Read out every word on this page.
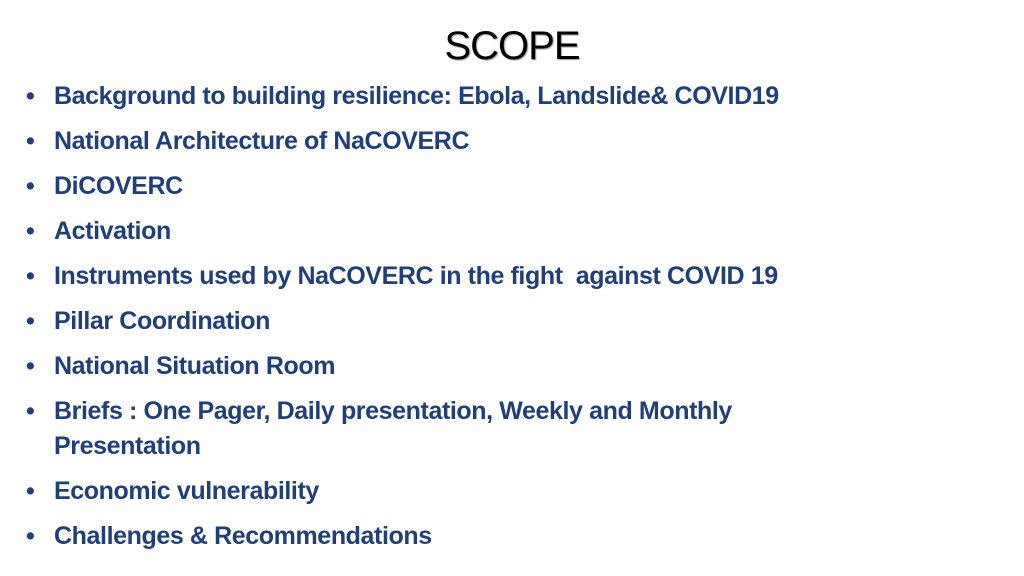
SCOPE
• Background to building resilience: Ebola, Landslide& COVID19
• National Architecture of NaCOVERC
• DiCOVERC
• Activation
• Instruments used by NaCOVERC in the fight  against COVID 19
• Pillar Coordination
• National Situation Room
• Briefs : One Pager, Daily presentation, Weekly and Monthly Presentation
• Economic vulnerability
• Challenges & Recommendations
